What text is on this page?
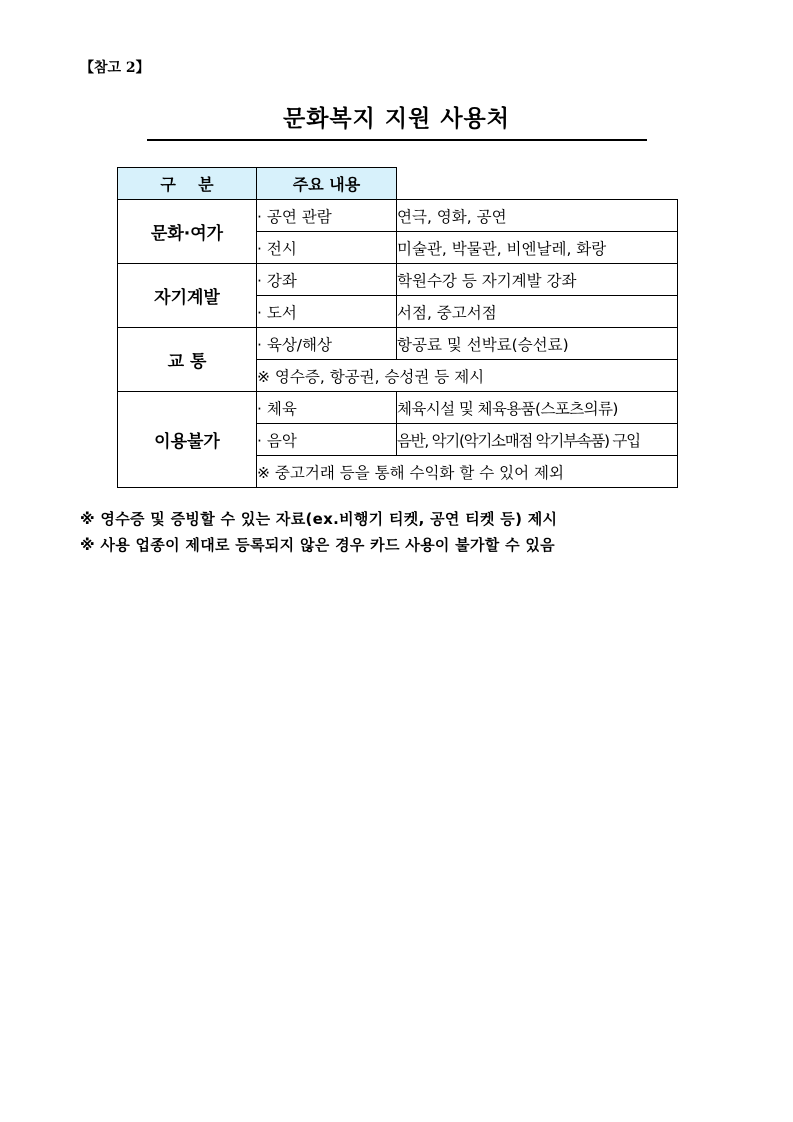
【참고 2】
문화복지 지원 사용처
구    분	주요 내용	
문화·여가	· 공연 관람	연극, 영화, 공연
	· 전시	미술관, 박물관, 비엔날레, 화랑
자기계발	· 강좌	학원수강 등 자기계발 강좌
	· 도서	서점, 중고서점
교 통	· 육상/해상	항공료 및 선박료(승선료)
	※ 영수증, 항공권, 승성권 등 제시	
이용불가	· 체육	체육시설 및 체육용품(스포츠의류)
	· 음악	음반, 악기(악기소매점 악기부속품) 구입
	※ 중고거래 등을 통해 수익화 할 수 있어 제외	
※ 영수증 및 증빙할 수 있는 자료(ex.비행기 티켓, 공연 티켓 등) 제시
※ 사용 업종이 제대로 등록되지 않은 경우 카드 사용이 불가할 수 있음
